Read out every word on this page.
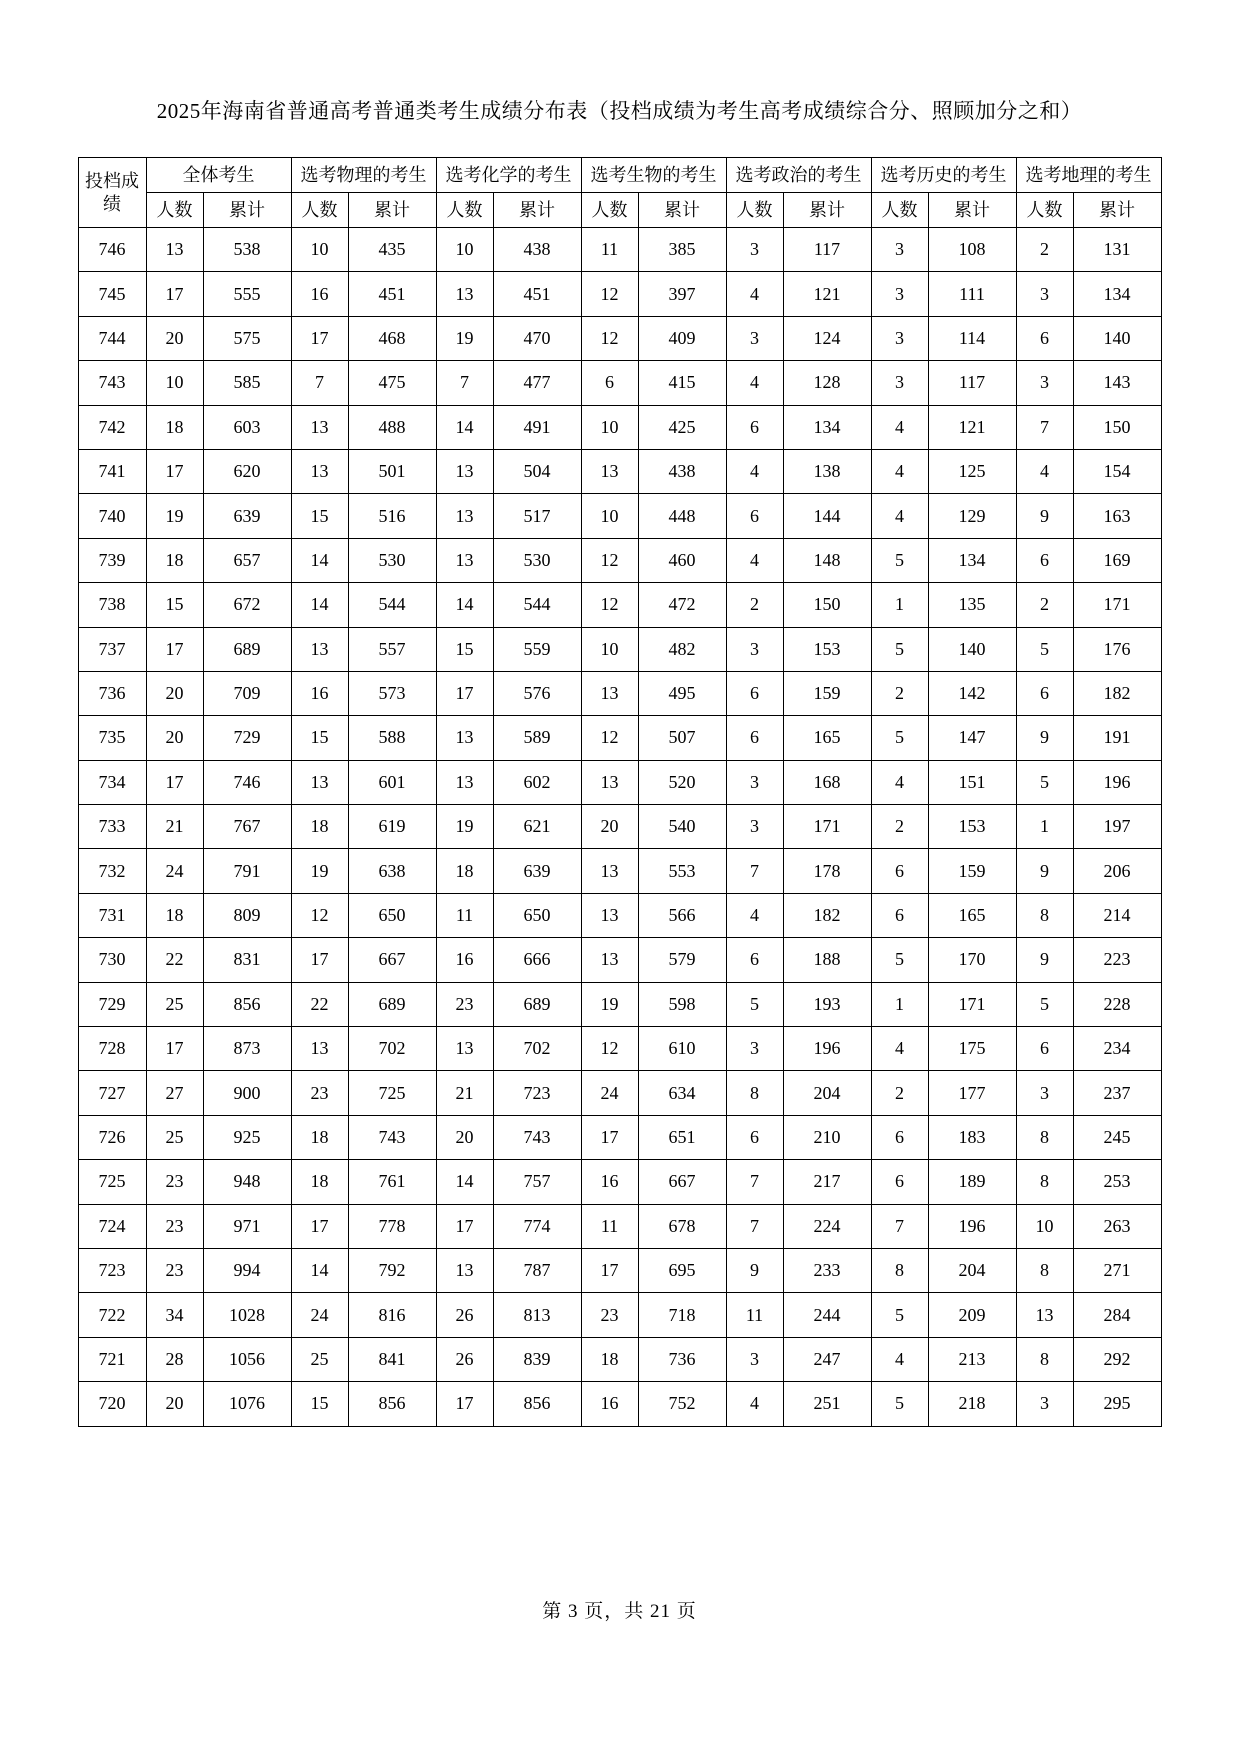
2025年海南省普通高考普通类考生成绩分布表（投档成绩为考生高考成绩综合分、照顾加分之和）
投档成绩	全体考生		选考物理的考生		选考化学的考生		选考生物的考生		选考政治的考生		选考历史的考生		选考地理的考生	
	人数	累计	人数	累计	人数	累计	人数	累计	人数	累计	人数	累计	人数	累计
746	13	538	10	435	10	438	11	385	3	117	3	108	2	131
745	17	555	16	451	13	451	12	397	4	121	3	111	3	134
744	20	575	17	468	19	470	12	409	3	124	3	114	6	140
743	10	585	7	475	7	477	6	415	4	128	3	117	3	143
742	18	603	13	488	14	491	10	425	6	134	4	121	7	150
741	17	620	13	501	13	504	13	438	4	138	4	125	4	154
740	19	639	15	516	13	517	10	448	6	144	4	129	9	163
739	18	657	14	530	13	530	12	460	4	148	5	134	6	169
738	15	672	14	544	14	544	12	472	2	150	1	135	2	171
737	17	689	13	557	15	559	10	482	3	153	5	140	5	176
736	20	709	16	573	17	576	13	495	6	159	2	142	6	182
735	20	729	15	588	13	589	12	507	6	165	5	147	9	191
734	17	746	13	601	13	602	13	520	3	168	4	151	5	196
733	21	767	18	619	19	621	20	540	3	171	2	153	1	197
732	24	791	19	638	18	639	13	553	7	178	6	159	9	206
731	18	809	12	650	11	650	13	566	4	182	6	165	8	214
730	22	831	17	667	16	666	13	579	6	188	5	170	9	223
729	25	856	22	689	23	689	19	598	5	193	1	171	5	228
728	17	873	13	702	13	702	12	610	3	196	4	175	6	234
727	27	900	23	725	21	723	24	634	8	204	2	177	3	237
726	25	925	18	743	20	743	17	651	6	210	6	183	8	245
725	23	948	18	761	14	757	16	667	7	217	6	189	8	253
724	23	971	17	778	17	774	11	678	7	224	7	196	10	263
723	23	994	14	792	13	787	17	695	9	233	8	204	8	271
722	34	1028	24	816	26	813	23	718	11	244	5	209	13	284
721	28	1056	25	841	26	839	18	736	3	247	4	213	8	292
720	20	1076	15	856	17	856	16	752	4	251	5	218	3	295
第 3 页，共 21 页
